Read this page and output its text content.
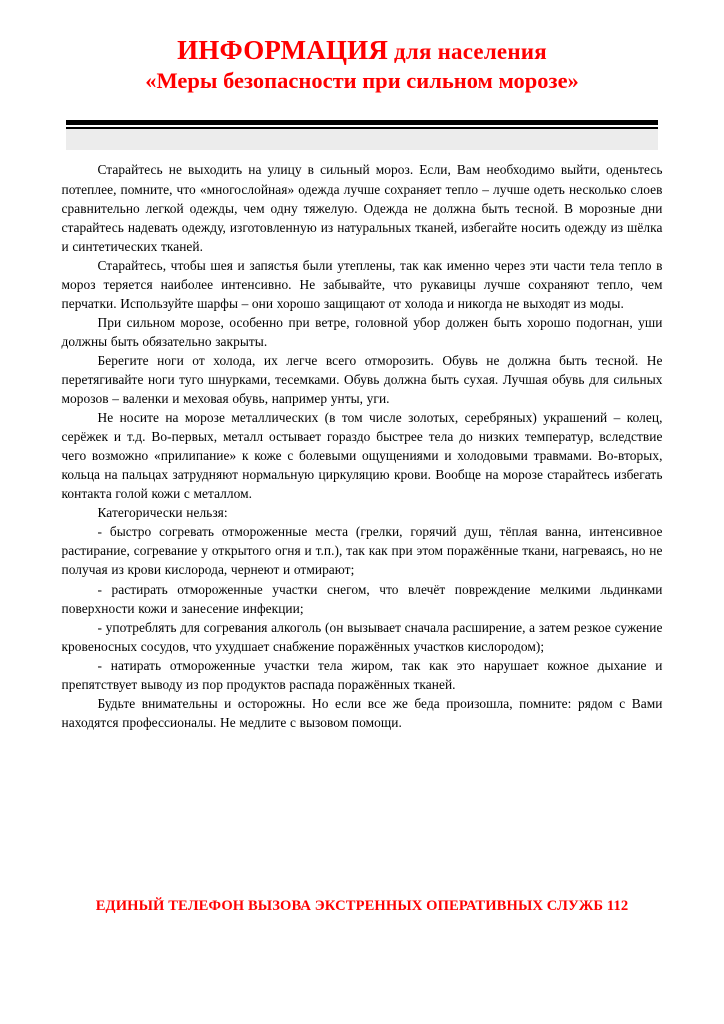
ИНФОРМАЦИЯ для населения
«Меры безопасности при сильном морозе»

Старайтесь не выходить на улицу в сильный мороз. Если, Вам необходимо выйти, оденьтесь потеплее, помните, что «многослойная» одежда лучше сохраняет тепло – лучше одеть несколько слоев сравнительно легкой одежды, чем одну тяжелую. Одежда не должна быть тесной. В морозные дни старайтесь надевать одежду, изготовленную из натуральных тканей, избегайте носить одежду из шёлка и синтетических тканей.

Старайтесь, чтобы шея и запястья были утеплены, так как именно через эти части тела тепло в мороз теряется наиболее интенсивно. Не забывайте, что рукавицы лучше сохраняют тепло, чем перчатки. Используйте шарфы – они хорошо защищают от холода и никогда не выходят из моды.

При сильном морозе, особенно при ветре, головной убор должен быть хорошо подогнан, уши должны быть обязательно закрыты.

Берегите ноги от холода, их легче всего отморозить. Обувь не должна быть тесной. Не перетягивайте ноги туго шнурками, тесемками. Обувь должна быть сухая. Лучшая обувь для сильных морозов – валенки и меховая обувь, например унты, уги.

Не носите на морозе металлических (в том числе золотых, серебряных) украшений – колец, серёжек и т.д. Во-первых, металл остывает гораздо быстрее тела до низких температур, вследствие чего возможно «прилипание» к коже с болевыми ощущениями и холодовыми травмами. Во-вторых, кольца на пальцах затрудняют нормальную циркуляцию крови. Вообще на морозе старайтесь избегать контакта голой кожи с металлом.

Категорически нельзя:

- быстро согревать отмороженные места (грелки, горячий душ, тёплая ванна, интенсивное растирание, согревание у открытого огня и т.п.), так как при этом поражённые ткани, нагреваясь, но не получая из крови кислорода, чернеют и отмирают;

- растирать отмороженные участки снегом, что влечёт повреждение мелкими льдинками поверхности кожи и занесение инфекции;

- употреблять для согревания алкоголь (он вызывает сначала расширение, а затем резкое сужение кровеносных сосудов, что ухудшает снабжение поражённых участков кислородом);

- натирать отмороженные участки тела жиром, так как это нарушает кожное дыхание и препятствует выводу из пор продуктов распада поражённых тканей.

Будьте внимательны и осторожны. Но если все же беда произошла, помните: рядом с Вами находятся профессионалы. Не медлите с вызовом помощи.

ЕДИНЫЙ ТЕЛЕФОН ВЫЗОВА ЭКСТРЕННЫХ ОПЕРАТИВНЫХ СЛУЖБ 112
